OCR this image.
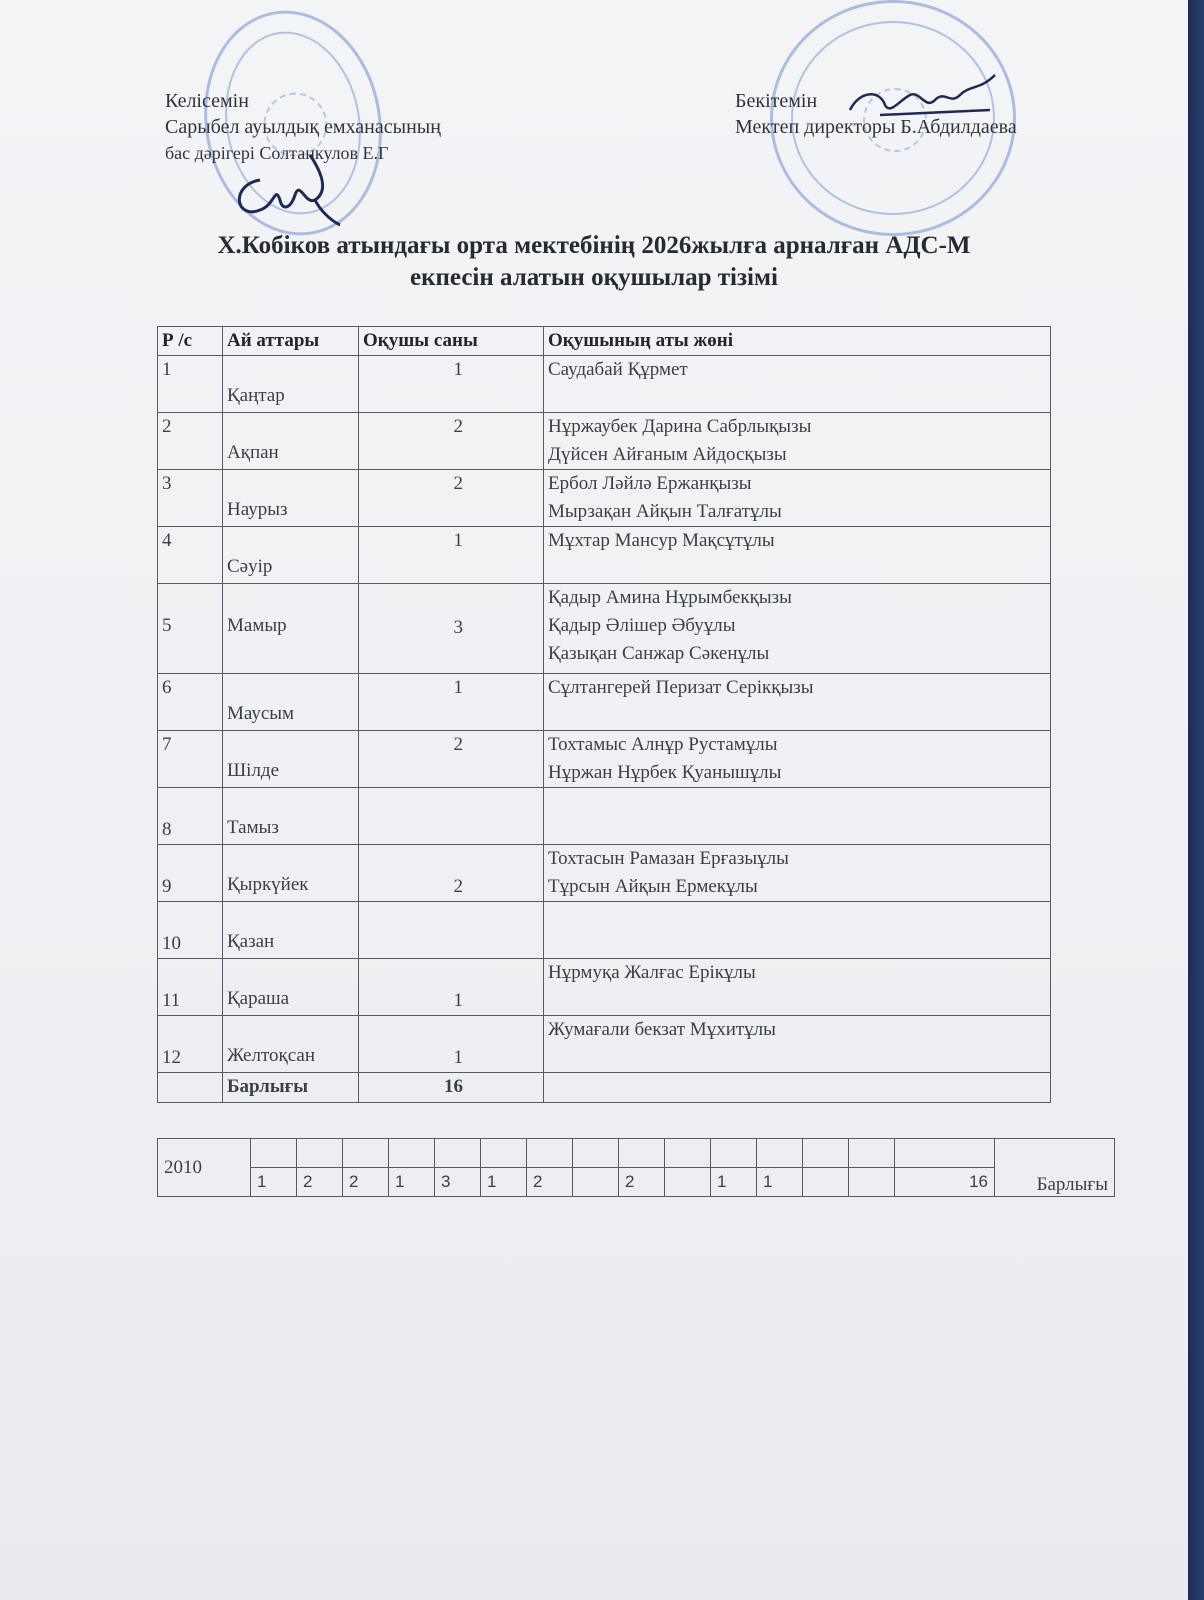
Келісемін
Сарыбел ауылдық емханасының
бас дәрігері Солтанкулов Е.Г
Бекітемін
Мектеп директоры Б.Абдилдаева
Х.Кобіков атындағы орта мектебінің 2026жылға арналған АДС-М
екпесін алатын оқушылар тізімі
Р /с	Ай аттары	Оқушы саны	Оқушының аты жөні
1	Қаңтар	1	Саудабай Құрмет

2	Ақпан	2	Нұржаубек Дарина Сабрлықызы
Дүйсен Айғаным Айдосқызы

3	Наурыз	2	Ербол Ләйлә Ержанқызы
Мырзақан Айқын Талғатұлы

4	Сәуір	1	Мұхтар Мансур Мақсұтұлы

5	Мамыр	3	Қадыр Амина Нұрымбекқызы
Қадыр Әлішер Әбуұлы
Қазықан Санжар Сәкенұлы

6	Маусым	1	Сұлтангерей Перизат Серікқызы

7	Шілде	2	Тохтамыс Алнұр Рустамұлы
Нұржан Нұрбек Қуанышұлы

8	Тамыз		
9	Қыркүйек	2	Тохтасын Рамазан Ерғазыұлы
Тұрсын Айқын Ермекұлы

10	Қазан		
11	Қараша	1	Нұрмуқа Жалғас Ерікұлы

12	Желтоқсан	1	Жумағали бекзат Мұхитұлы

	Барлығы	16	
2010																Барлығы
	1	2	2	1	3	1	2		2		1	1			16	
